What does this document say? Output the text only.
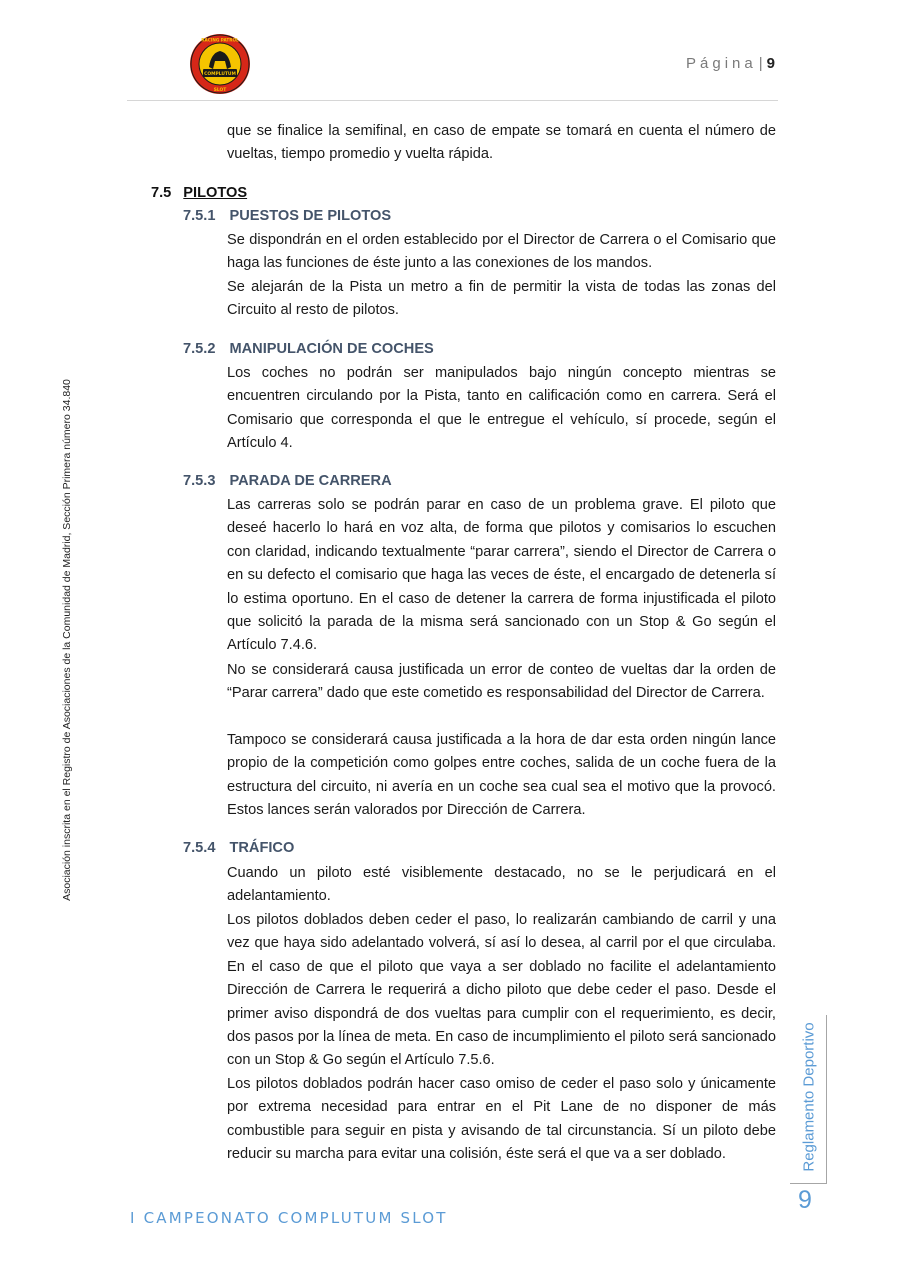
RACING PATROL
COMPLUTUM
SLOT
Página | 9
Asociación inscrita en el Registro de Asociaciones de la Comunidad de Madrid, Sección Primera número 34.840

que se finalice la semifinal, en caso de empate se tomará en cuenta el número de vueltas, tiempo promedio y vuelta rápida.

7.5 PILOTOS
7.5.1 PUESTOS DE PILOTOS

Se dispondrán en el orden establecido por el Director de Carrera o el Comisario que haga las funciones de éste junto a las conexiones de los mandos.

Se alejarán de la Pista un metro a fin de permitir la vista de todas las zonas del Circuito al resto de pilotos.

7.5.2 MANIPULACIÓN DE COCHES

Los coches no podrán ser manipulados bajo ningún concepto mientras se encuentren circulando por la Pista, tanto en calificación como en carrera. Será el Comisario que corresponda el que le entregue el vehículo, sí procede, según el Artículo 4.

7.5.3 PARADA DE CARRERA

Las carreras solo se podrán parar en caso de un problema grave. El piloto que deseé hacerlo lo hará en voz alta, de forma que pilotos y comisarios lo escuchen con claridad, indicando textualmente “parar carrera”, siendo el Director de Carrera o en su defecto el comisario que haga las veces de éste, el encargado de detenerla sí lo estima oportuno. En el caso de detener la carrera de forma injustificada el piloto que solicitó la parada de la misma será sancionado con un Stop & Go según el Artículo 7.4.6.

No se considerará causa justificada un error de conteo de vueltas dar la orden de “Parar carrera” dado que este cometido es responsabilidad del Director de Carrera.

Tampoco se considerará causa justificada a la hora de dar esta orden ningún lance propio de la competición como golpes entre coches, salida de un coche fuera de la estructura del circuito, ni avería en un coche sea cual sea el motivo que la provocó. Estos lances serán valorados por Dirección de Carrera.

7.5.4 TRÁFICO

Cuando un piloto esté visiblemente destacado, no se le perjudicará en el adelantamiento.

Los pilotos doblados deben ceder el paso, lo realizarán cambiando de carril y una vez que haya sido adelantado volverá, sí así lo desea, al carril por el que circulaba. En el caso de que el piloto que vaya a ser doblado no facilite el adelantamiento Dirección de Carrera le requerirá a dicho piloto que debe ceder el paso. Desde el primer aviso dispondrá de dos vueltas para cumplir con el requerimiento, es decir, dos pasos por la línea de meta. En caso de incumplimiento el piloto será sancionado con un Stop & Go según el Artículo 7.5.6.

Los pilotos doblados podrán hacer caso omiso de ceder el paso solo y únicamente por extrema necesidad para entrar en el Pit Lane de no disponer de más combustible para seguir en pista y avisando de tal circunstancia. Sí un piloto debe reducir su marcha para evitar una colisión, éste será el que va a ser doblado.

I CAMPEONATO COMPLUTUM SLOT
Reglamento Deportivo
9
